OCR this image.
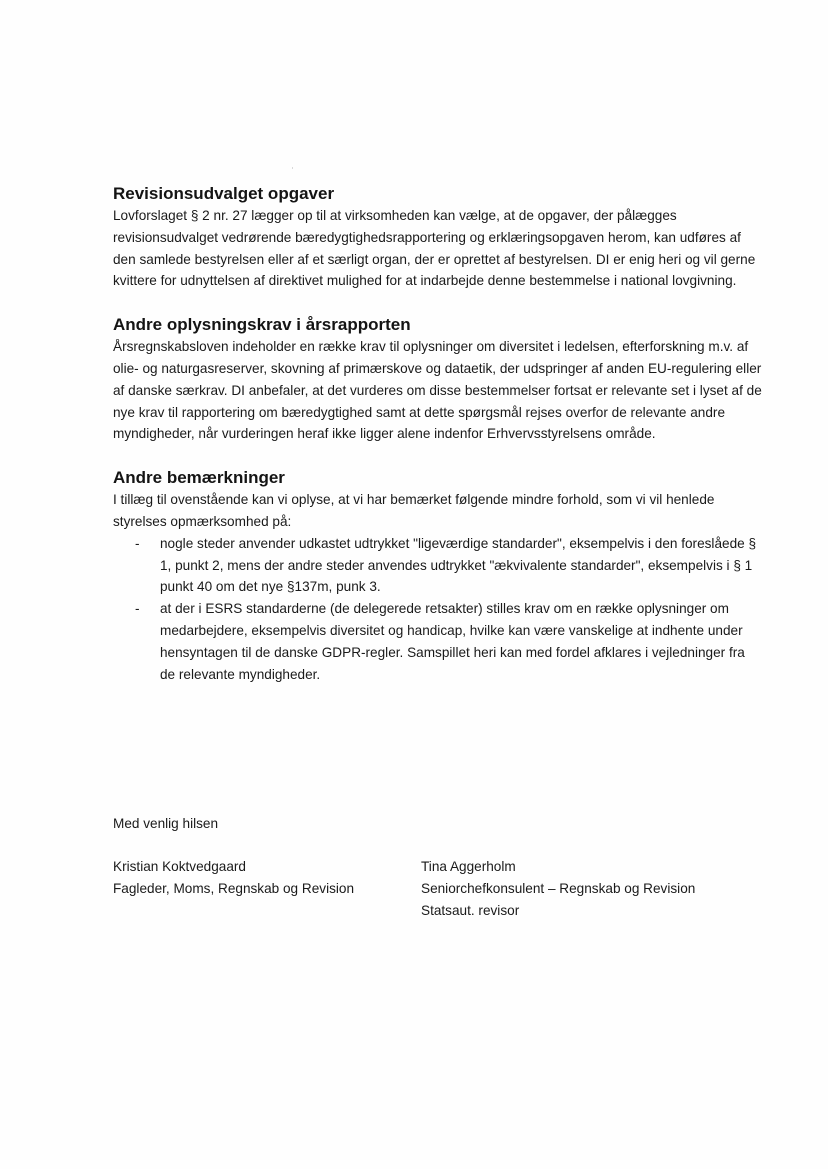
Revisionsudvalget opgaver

Lovforslaget § 2 nr. 27 lægger op til at virksomheden kan vælge, at de opgaver, der pålægges revisionsudvalget vedrørende bæredygtighedsrapportering og erklæringsopgaven herom, kan udføres af den samlede bestyrelsen eller af et særligt organ, der er oprettet af bestyrelsen. DI er enig heri og vil gerne kvittere for udnyttelsen af direktivet mulighed for at indarbejde denne bestemmelse i national lovgivning.

Andre oplysningskrav i årsrapporten

Årsregnskabsloven indeholder en række krav til oplysninger om diversitet i ledelsen, efterforskning m.v. af olie- og naturgasreserver, skovning af primærskove og dataetik, der udspringer af anden EU-regulering eller af danske særkrav. DI anbefaler, at det vurderes om disse bestemmelser fortsat er relevante set i lyset af de nye krav til rapportering om bæredygtighed samt at dette spørgsmål rejses overfor de relevante andre myndigheder, når vurderingen heraf ikke ligger alene indenfor Erhvervsstyrelsens område.

Andre bemærkninger

I tillæg til ovenstående kan vi oplyse, at vi har bemærket følgende mindre forhold, som vi vil henlede styrelses opmærksomhed på:

- nogle steder anvender udkastet udtrykket "ligeværdige standarder", eksempelvis i den foreslåede § 1, punkt 2, mens der andre steder anvendes udtrykket "ækvivalente standarder", eksempelvis i § 1 punkt 40 om det nye §137m, punk 3.
- at der i ESRS standarderne (de delegerede retsakter) stilles krav om en række oplysninger om medarbejdere, eksempelvis diversitet og handicap, hvilke kan være vanskelige at indhente under hensyntagen til de danske GDPR-regler. Samspillet heri kan med fordel afklares i vejledninger fra de relevante myndigheder.
Med venlig hilsen
Kristian Koktvedgaard
Fagleder, Moms, Regnskab og Revision
Tina Aggerholm
Seniorchefkonsulent – Regnskab og Revision
Statsaut. revisor
